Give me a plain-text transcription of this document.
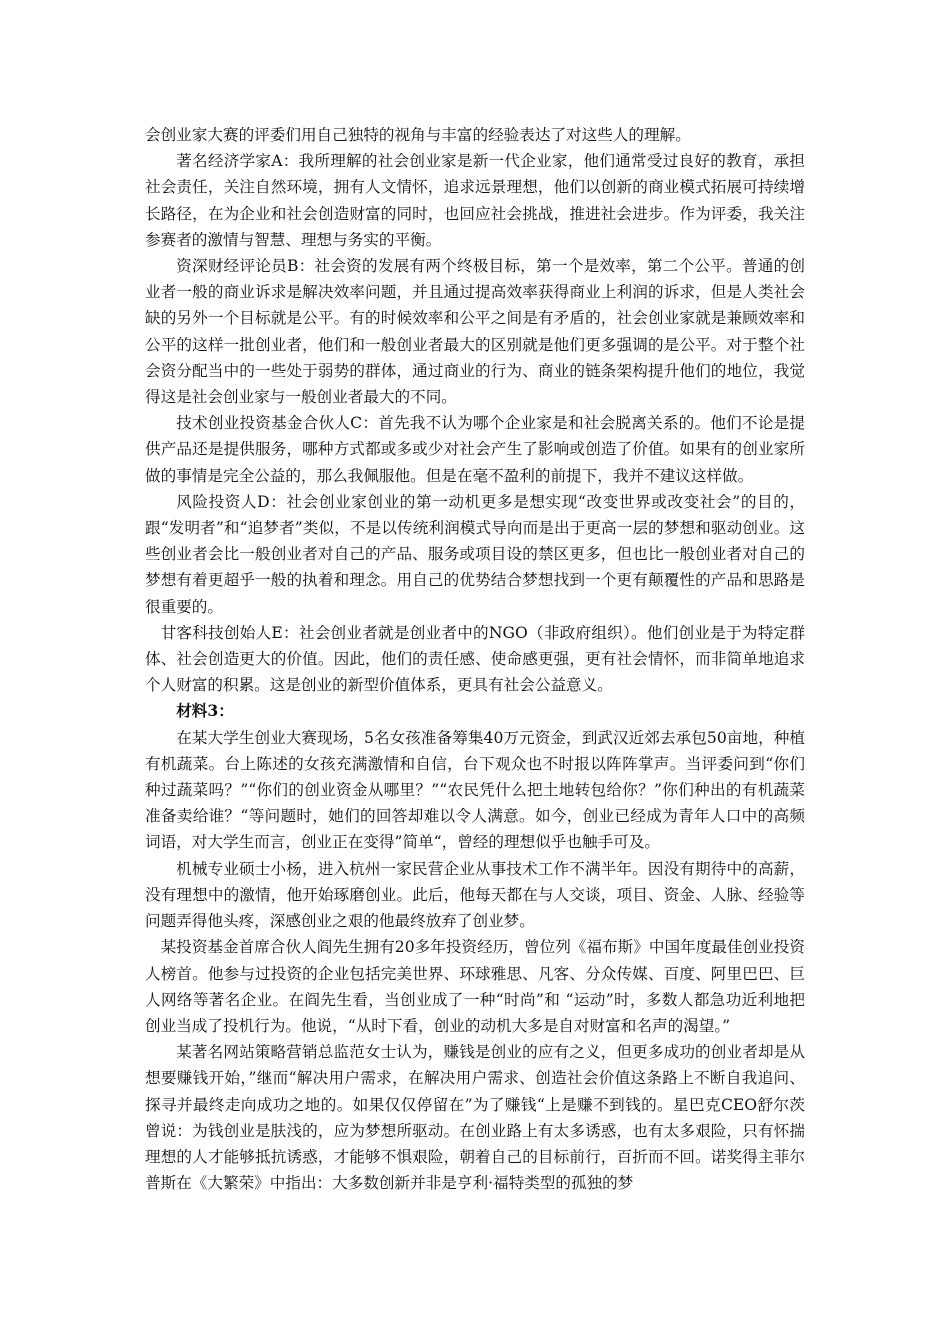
会创业家大赛的评委们用自己独特的视角与丰富的经验表达了对这些人的理解。

著名经济学家A：我所理解的社会创业家是新一代企业家，他们通常受过良好的教育，承担社会责任，关注自然环境，拥有人文情怀，追求远景理想，他们以创新的商业模式拓展可持续增长路径，在为企业和社会创造财富的同时，也回应社会挑战，推进社会进步。作为评委，我关注参赛者的激情与智慧、理想与务实的平衡。

资深财经评论员B：社会资的发展有两个终极目标，第一个是效率，第二个公平。普通的创业者一般的商业诉求是解决效率问题，并且通过提高效率获得商业上利润的诉求，但是人类社会缺的另外一个目标就是公平。有的时候效率和公平之间是有矛盾的，社会创业家就是兼顾效率和公平的这样一批创业者，他们和一般创业者最大的区别就是他们更多强调的是公平。对于整个社会资分配当中的一些处于弱势的群体，通过商业的行为、商业的链条架构提升他们的地位，我觉得这是社会创业家与一般创业者最大的不同。

技术创业投资基金合伙人C：首先我不认为哪个企业家是和社会脱离关系的。他们不论是提供产品还是提供服务，哪种方式都或多或少对社会产生了影响或创造了价值。如果有的创业家所做的事情是完全公益的，那么我佩服他。但是在毫不盈利的前提下，我并不建议这样做。

风险投资人D：社会创业家创业的第一动机更多是想实现“改变世界或改变社会”的目的，跟“发明者”和“追梦者”类似，不是以传统利润模式导向而是出于更高一层的梦想和驱动创业。这些创业者会比一般创业者对自己的产品、服务或项目设的禁区更多，但也比一般创业者对自己的梦想有着更超乎一般的执着和理念。用自己的优势结合梦想找到一个更有颠覆性的产品和思路是很重要的。

甘客科技创始人E：社会创业者就是创业者中的NGO（非政府组织）。他们创业是于为特定群体、社会创造更大的价值。因此，他们的责任感、使命感更强，更有社会情怀，而非简单地追求个人财富的积累。这是创业的新型价值体系，更具有社会公益意义。

材料3：

在某大学生创业大赛现场，5名女孩准备筹集40万元资金，到武汉近郊去承包50亩地，种植有机蔬菜。台上陈述的女孩充满激情和自信，台下观众也不时报以阵阵掌声。当评委问到“你们种过蔬菜吗？”“你们的创业资金从哪里？”“农民凭什么把土地转包给你？”你们种出的有机蔬菜准备卖给谁？“等问题时，她们的回答却难以令人满意。如今，创业已经成为青年人口中的高频词语，对大学生而言，创业正在变得”简单“，曾经的理想似乎也触手可及。

机械专业硕士小杨，进入杭州一家民营企业从事技术工作不满半年。因没有期待中的高薪，没有理想中的激情，他开始琢磨创业。此后，他每天都在与人交谈，项目、资金、人脉、经验等问题弄得他头疼，深感创业之艰的他最终放弃了创业梦。

某投资基金首席合伙人阎先生拥有20多年投资经历，曾位列《福布斯》中国年度最佳创业投资人榜首。他参与过投资的企业包括完美世界、环球雅思、凡客、分众传媒、百度、阿里巴巴、巨人网络等著名企业。在阎先生看，当创业成了一种“时尚”和 “运动”时，多数人都急功近利地把创业当成了投机行为。他说，“从时下看，创业的动机大多是自对财富和名声的渴望。”

某著名网站策略营销总监范女士认为，赚钱是创业的应有之义，但更多成功的创业者却是从想要赚钱开始，”继而“解决用户需求，在解决用户需求、创造社会价值这条路上不断自我追问、探寻并最终走向成功之地的。如果仅仅停留在”为了赚钱“上是赚不到钱的。星巴克CEO舒尔茨曾说：为钱创业是肤浅的，应为梦想所驱动。在创业路上有太多诱惑，也有太多艰险，只有怀揣理想的人才能够抵抗诱惑，才能够不惧艰险，朝着自己的目标前行，百折而不回。诺奖得主菲尔普斯在《大繁荣》中指出：大多数创新并非是亨利·福特类型的孤独的梦
